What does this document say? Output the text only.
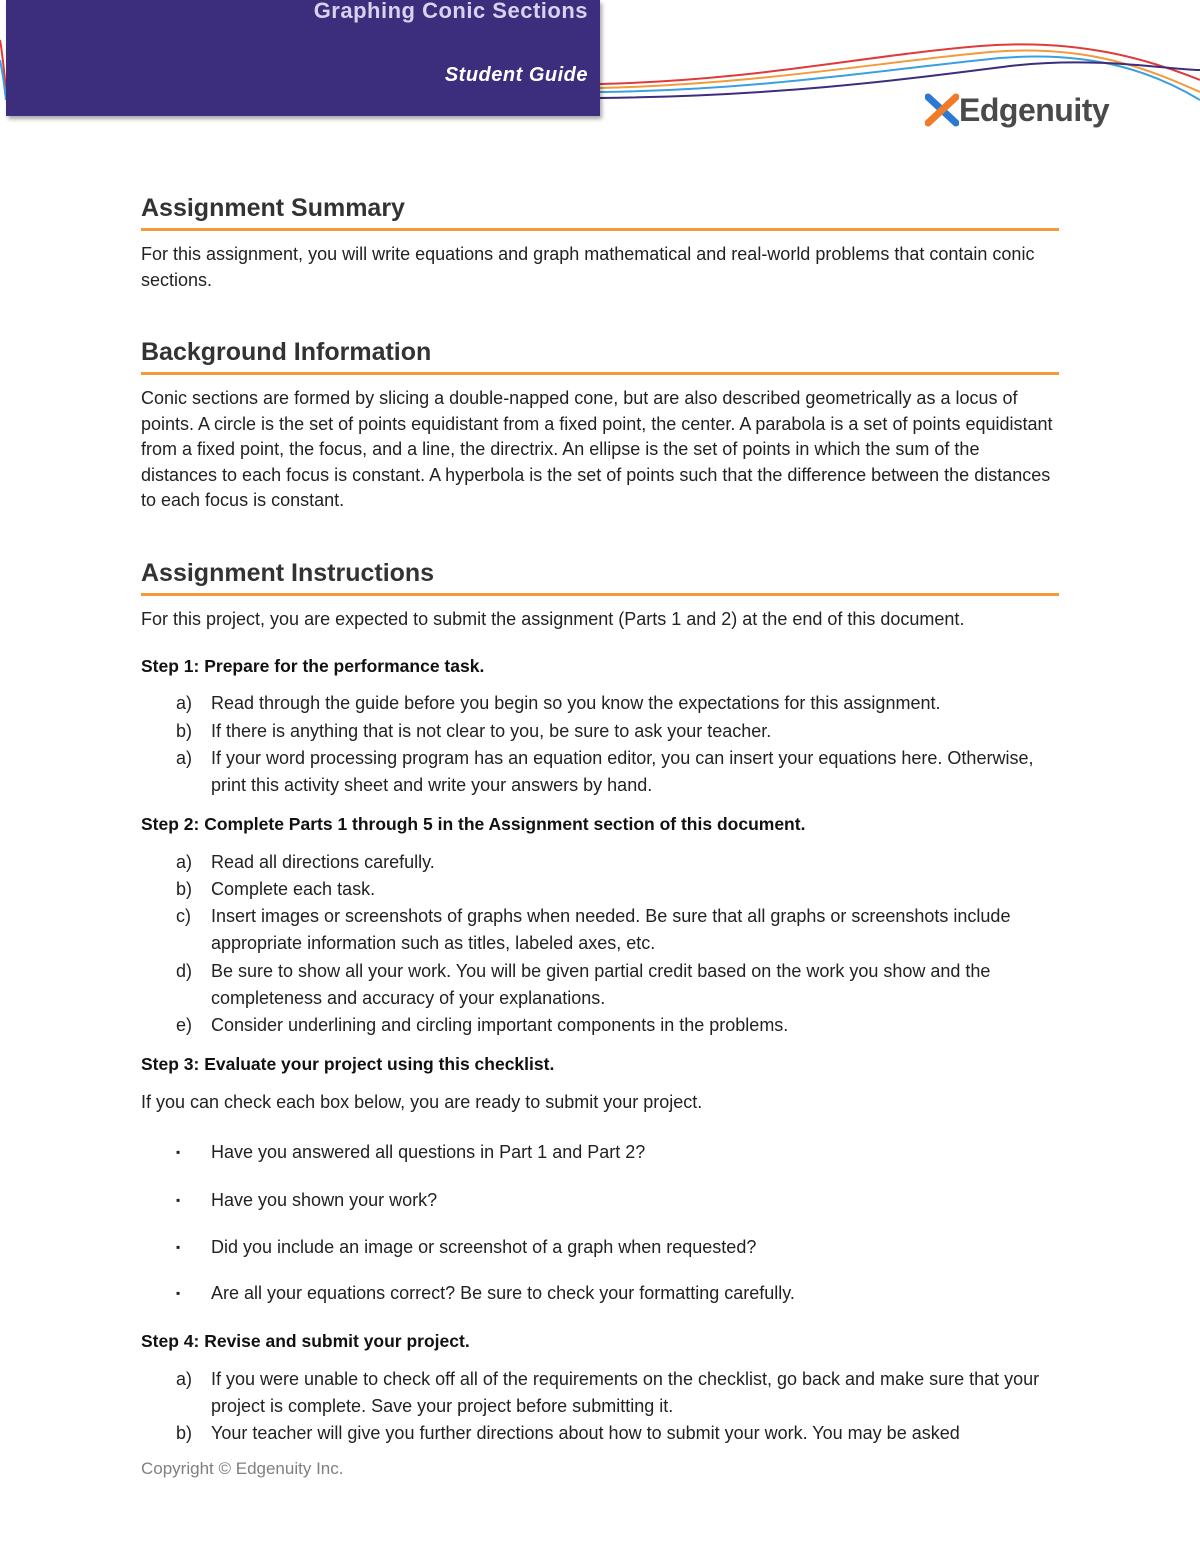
Graphing Conic Sections
Student Guide
Edgenuity
Assignment Summary

For this assignment, you will write equations and graph mathematical and real-world problems that contain conic sections.

Background Information

Conic sections are formed by slicing a double-napped cone, but are also described geometrically as a locus of points. A circle is the set of points equidistant from a fixed point, the center. A parabola is a set of points equidistant from a fixed point, the focus, and a line, the directrix. An ellipse is the set of points in which the sum of the distances to each focus is constant. A hyperbola is the set of points such that the difference between the distances to each focus is constant.

Assignment Instructions

For this project, you are expected to submit the assignment (Parts 1 and 2) at the end of this document.

Step 1: Prepare for the performance task.
a) Read through the guide before you begin so you know the expectations for this assignment.
b) If there is anything that is not clear to you, be sure to ask your teacher.
a) If your word processing program has an equation editor, you can insert your equations here. Otherwise, print this activity sheet and write your answers by hand.
Step 2: Complete Parts 1 through 5 in the Assignment section of this document.
a) Read all directions carefully.
b) Complete each task.
c) Insert images or screenshots of graphs when needed. Be sure that all graphs or screenshots include appropriate information such as titles, labeled axes, etc.
d) Be sure to show all your work. You will be given partial credit based on the work you show and the completeness and accuracy of your explanations.
e) Consider underlining and circling important components in the problems.
Step 3: Evaluate your project using this checklist.

If you can check each box below, you are ready to submit your project.

▪ Have you answered all questions in Part 1 and Part 2?
▪ Have you shown your work?
▪ Did you include an image or screenshot of a graph when requested?
▪ Are all your equations correct? Be sure to check your formatting carefully.
Step 4: Revise and submit your project.
a) If you were unable to check off all of the requirements on the checklist, go back and make sure that your project is complete. Save your project before submitting it.
b) Your teacher will give you further directions about how to submit your work. You may be asked
Copyright © Edgenuity Inc.
